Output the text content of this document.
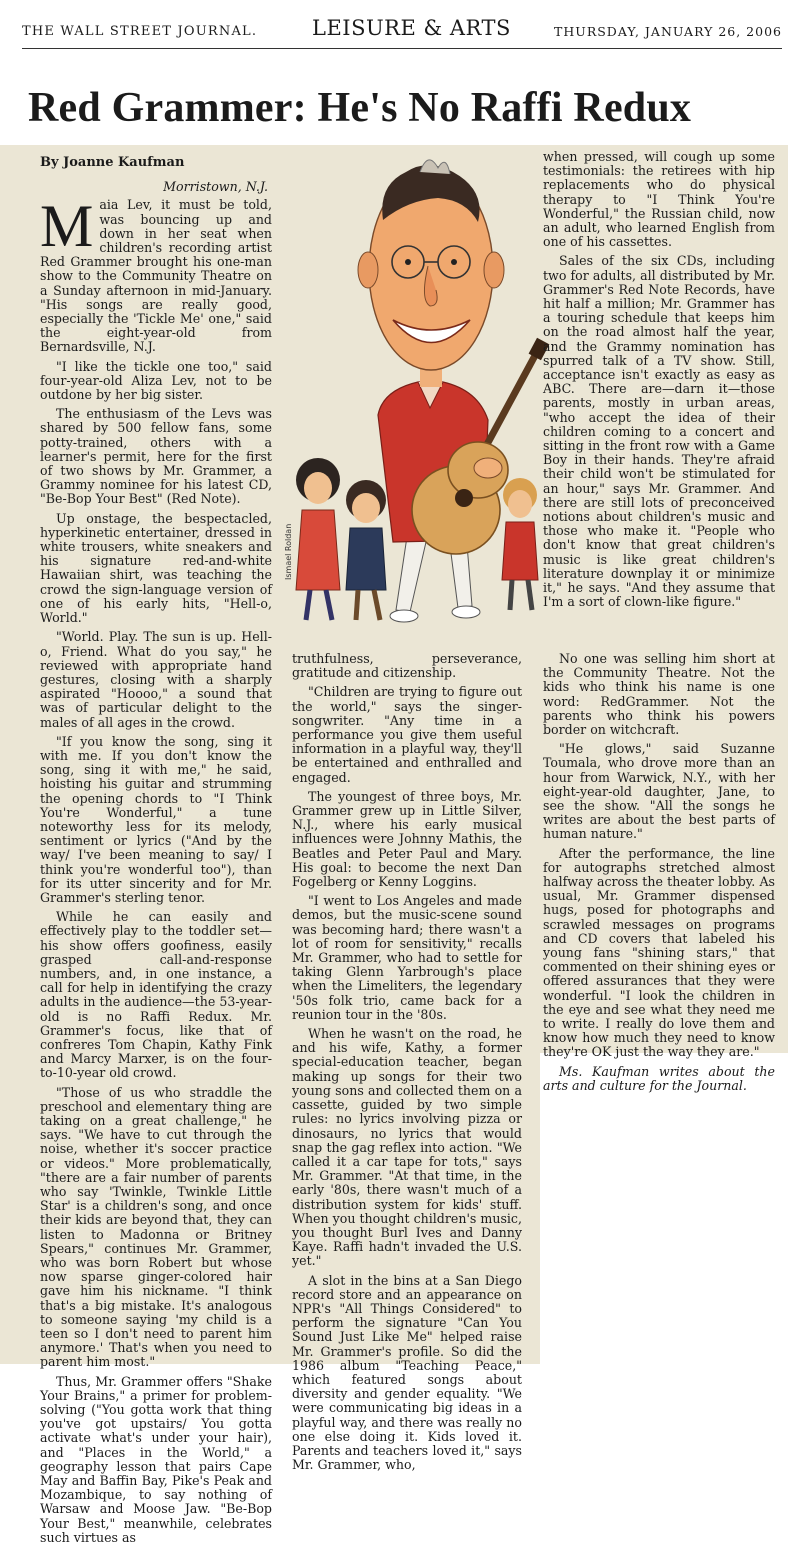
THE WALL STREET JOURNAL.	LEISURE & ARTS	THURSDAY, JANUARY 26, 2006
Red Grammer: He's No Raffi Redux

By Joanne Kaufman

Morristown, N.J.

Maia Lev, it must be told, was bouncing up and down in her seat when children's recording artist Red Grammer brought his one-man show to the Community Theatre on a Sunday afternoon in mid-January. "His songs are really good, especially the 'Tickle Me' one," said the eight-year-old from Bernardsville, N.J.

"I like the tickle one too," said four-year-old Aliza Lev, not to be outdone by her big sister.

The enthusiasm of the Levs was shared by 500 fellow fans, some potty-trained, others with a learner's permit, here for the first of two shows by Mr. Grammer, a Grammy nominee for his latest CD, "Be-Bop Your Best" (Red Note).

Up onstage, the bespectacled, hyperkinetic entertainer, dressed in white trousers, white sneakers and his signature red-and-white Hawaiian shirt, was teaching the crowd the sign-language version of one of his early hits, "Hell-o, World."

"World. Play. The sun is up. Hell-o, Friend. What do you say," he reviewed with appropriate hand gestures, closing with a sharply aspirated "Hoooo," a sound that was of particular delight to the males of all ages in the crowd.

"If you know the song, sing it with me. If you don't know the song, sing it with me," he said, hoisting his guitar and strumming the opening chords to "I Think You're Wonderful," a tune noteworthy less for its melody, sentiment or lyrics ("And by the way/ I've been meaning to say/ I think you're wonderful too"), than for its utter sincerity and for Mr. Grammer's sterling tenor.

While he can easily and effectively play to the toddler set—his show offers goofiness, easily grasped call-and-response numbers, and, in one instance, a call for help in identifying the crazy adults in the audience—the 53-year-old is no Raffi Redux. Mr. Grammer's focus, like that of confreres Tom Chapin, Kathy Fink and Marcy Marxer, is on the four-to-10-year old crowd.

"Those of us who straddle the preschool and elementary thing are taking on a great challenge," he says. "We have to cut through the noise, whether it's soccer practice or videos." More problematically, "there are a fair number of parents who say 'Twinkle, Twinkle Little Star' is a children's song, and once their kids are beyond that, they can listen to Madonna or Britney Spears," continues Mr. Grammer, who was born Robert but whose now sparse ginger-colored hair gave him his nickname. "I think that's a big mistake. It's analogous to someone saying 'my child is a teen so I don't need to parent him anymore.' That's when you need to parent him most."

Thus, Mr. Grammer offers "Shake Your Brains," a primer for problem-solving ("You gotta work that thing you've got upstairs/ You gotta activate what's under your hair), and "Places in the World," a geography lesson that pairs Cape May and Baffin Bay, Pike's Peak and Mozambique, to say nothing of Warsaw and Moose Jaw. "Be-Bop Your Best," meanwhile, celebrates such virtues as

Ismael Roldan

truthfulness, perseverance, gratitude and citizenship.

"Children are trying to figure out the world," says the singer-songwriter. "Any time in a performance you give them useful information in a playful way, they'll be entertained and enthralled and engaged.

The youngest of three boys, Mr. Grammer grew up in Little Silver, N.J., where his early musical influences were Johnny Mathis, the Beatles and Peter Paul and Mary. His goal: to become the next Dan Fogelberg or Kenny Loggins.

"I went to Los Angeles and made demos, but the music-scene sound was becoming hard; there wasn't a lot of room for sensitivity," recalls Mr. Grammer, who had to settle for taking Glenn Yarbrough's place when the Limeliters, the legendary '50s folk trio, came back for a reunion tour in the '80s.

When he wasn't on the road, he and his wife, Kathy, a former special-education teacher, began making up songs for their two young sons and collected them on a cassette, guided by two simple rules: no lyrics involving pizza or dinosaurs, no lyrics that would snap the gag reflex into action. "We called it a car tape for tots," says Mr. Grammer. "At that time, in the early '80s, there wasn't much of a distribution system for kids' stuff. When you thought children's music, you thought Burl Ives and Danny Kaye. Raffi hadn't invaded the U.S. yet."

A slot in the bins at a San Diego record store and an appearance on NPR's "All Things Considered" to perform the signature "Can You Sound Just Like Me" helped raise Mr. Grammer's profile. So did the 1986 album "Teaching Peace," which featured songs about diversity and gender equality. "We were communicating big ideas in a playful way, and there was really no one else doing it. Kids loved it. Parents and teachers loved it," says Mr. Grammer, who,

when pressed, will cough up some testimonials: the retirees with hip replacements who do physical therapy to "I Think You're Wonderful," the Russian child, now an adult, who learned English from one of his cassettes.

Sales of the six CDs, including two for adults, all distributed by Mr. Grammer's Red Note Records, have hit half a million; Mr. Grammer has a touring schedule that keeps him on the road almost half the year, and the Grammy nomination has spurred talk of a TV show. Still, acceptance isn't exactly as easy as ABC. There are—darn it—those parents, mostly in urban areas, "who accept the idea of their children coming to a concert and sitting in the front row with a Game Boy in their hands. They're afraid their child won't be stimulated for an hour," says Mr. Grammer. And there are still lots of preconceived notions about children's music and those who make it. "People who don't know that great children's music is like great children's literature downplay it or minimize it," he says. "And they assume that I'm a sort of clown-like figure."

No one was selling him short at the Community Theatre. Not the kids who think his name is one word: RedGrammer. Not the parents who think his powers border on witchcraft.

"He glows," said Suzanne Toumala, who drove more than an hour from Warwick, N.Y., with her eight-year-old daughter, Jane, to see the show. "All the songs he writes are about the best parts of human nature."

After the performance, the line for autographs stretched almost halfway across the theater lobby. As usual, Mr. Grammer dispensed hugs, posed for photographs and scrawled messages on programs and CD covers that labeled his young fans "shining stars," that commented on their shining eyes or offered assurances that they were wonderful. "I look the children in the eye and see what they need me to write. I really do love them and know how much they need to know they're OK just the way they are."

Ms. Kaufman writes about the arts and culture for the Journal.
